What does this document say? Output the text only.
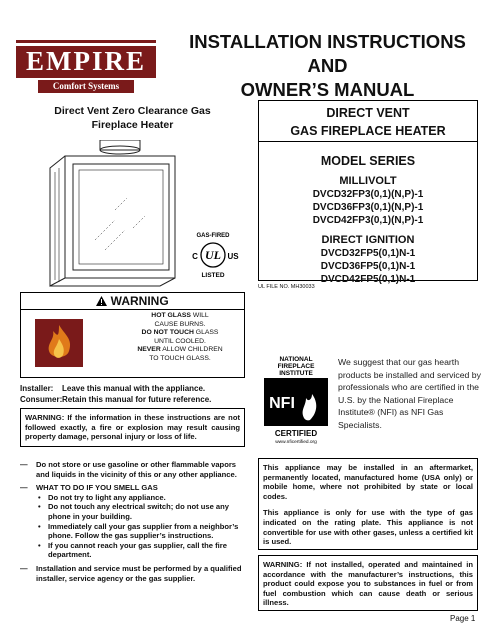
EMPIRE
Comfort Systems
INSTALLATION INSTRUCTIONS
AND
OWNER’S MANUAL
Direct Vent Zero Clearance Gas
Fireplace Heater
GAS-FIRED
UL
C	US
LISTED
DIRECT VENT
GAS FIREPLACE HEATER
MODEL SERIES
MILLIVOLT
DVCD32FP3(0,1)(N,P)-1
DVCD36FP3(0,1)(N,P)-1
DVCD42FP3(0,1)(N,P)-1
DIRECT IGNITION
DVCD32FP5(0,1)N-1
DVCD36FP5(0,1)N-1
DVCD42FP5(0,1)N-1
UL FILE NO. MH30033
WARNING
HOT GLASS WILL
CAUSE BURNS.
DO NOT TOUCH GLASS
UNTIL COOLED.
NEVER ALLOW CHILDREN
TO TOUCH GLASS.
Installer: Leave this manual with the appliance.
Consumer:Retain this manual for future reference.
WARNING: If the information in these instructions are not followed exactly, a fire or explosion may result causing property damage, personal injury or loss of life.
— Do not store or use gasoline or other flammable vapors and liquids in the vicinity of this or any other appliance.
— WHAT TO DO IF YOU SMELL GAS
• Do not try to light any appliance.
• Do not touch any electrical switch; do not use any phone in your building.
• Immediately call your gas supplier from a neighbor’s phone. Follow the gas supplier’s instructions.
• If you cannot reach your gas supplier, call the fire department.
— Installation and service must be performed by a qualified installer, service agency or the gas supplier.
NATIONAL
FIREPLACE
INSTITUTE
NFI
CERTIFIED
www.nficertified.org
We suggest that our gas hearth products be installed and serviced by professionals who are certified in the U.S. by the National Fireplace Institute® (NFI) as NFI Gas Specialists.

This appliance may be installed in an aftermarket, permanently located, manufactured home (USA only) or mobile home, where not prohibited by state or local codes.

This appliance is only for use with the type of gas indicated on the rating plate. This appliance is not convertible for use with other gases, unless a certified kit is used.

WARNING: If not installed, operated and maintained in accordance with the manufacturer’s instructions, this product could expose you to substances in fuel or from fuel combustion which can cause death or serious illness.
Page 1
